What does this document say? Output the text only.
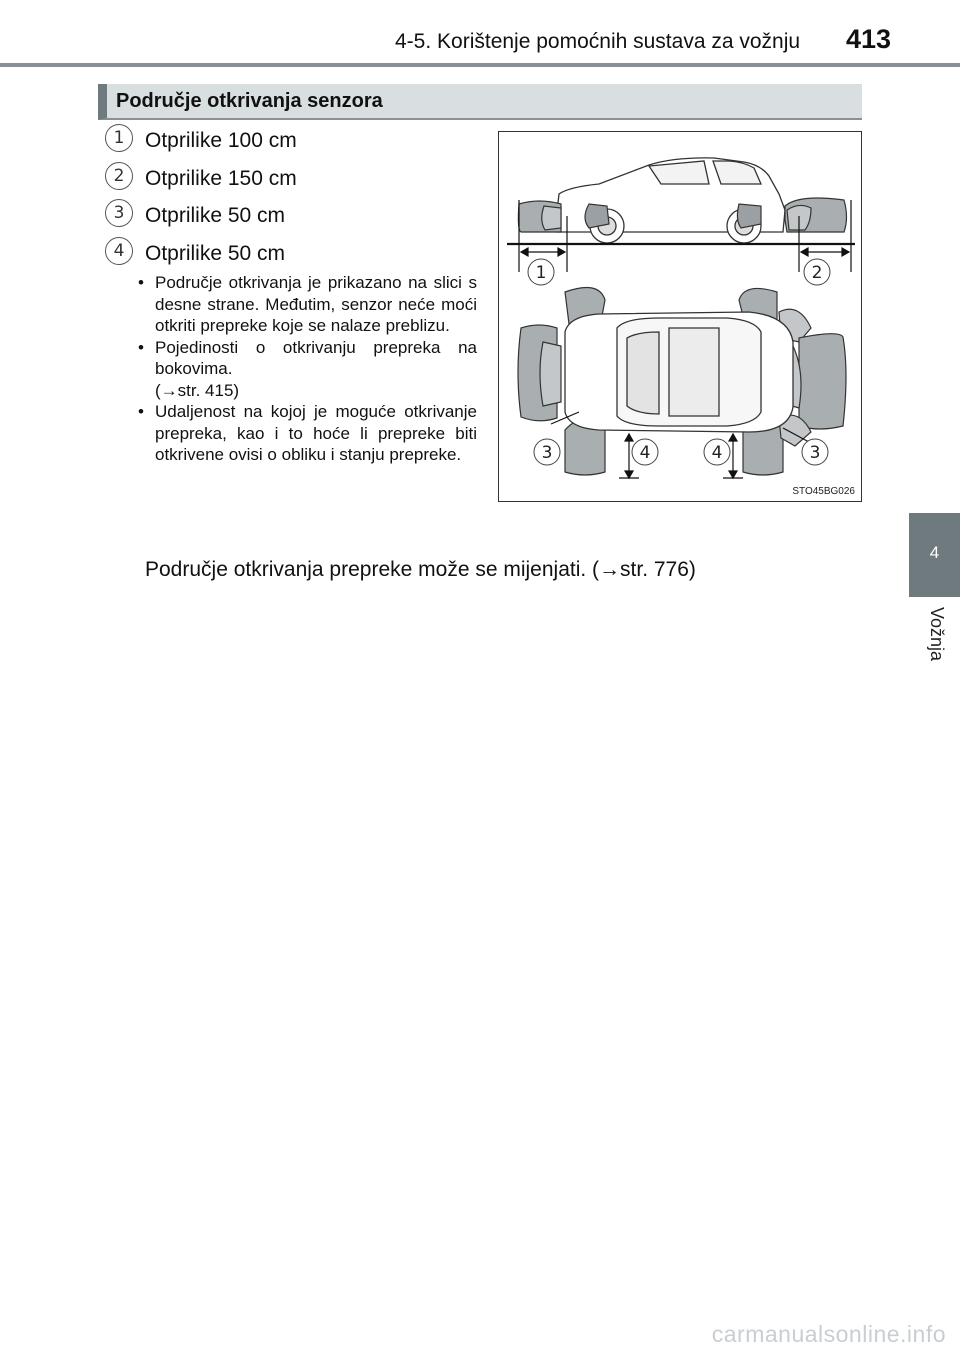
4-5. Korištenje pomoćnih sustava za vožnju 413
4
Vožnja
Područje otkrivanja senzora
1 Otprilike 100 cm
2 Otprilike 150 cm
3 Otprilike 50 cm
4 Otprilike 50 cm
• Područje otkrivanja je prikazano na slici s desne strane. Međutim, senzor neće moći otkriti prepreke koje se nalaze preblizu.
• Pojedinosti o otkrivanju prepreka na bokovima.
(→str. 415)
• Udaljenost na kojoj je moguće otkrivanje prepreka, kao i to hoće li prepreke biti otkrivene ovisi o obliku i stanju prepreke.
Područje otkrivanja prepreke može se mijenjati. (→str. 776)
1	2
3	4	4	3
STO45BG026
carmanualsonline.info
